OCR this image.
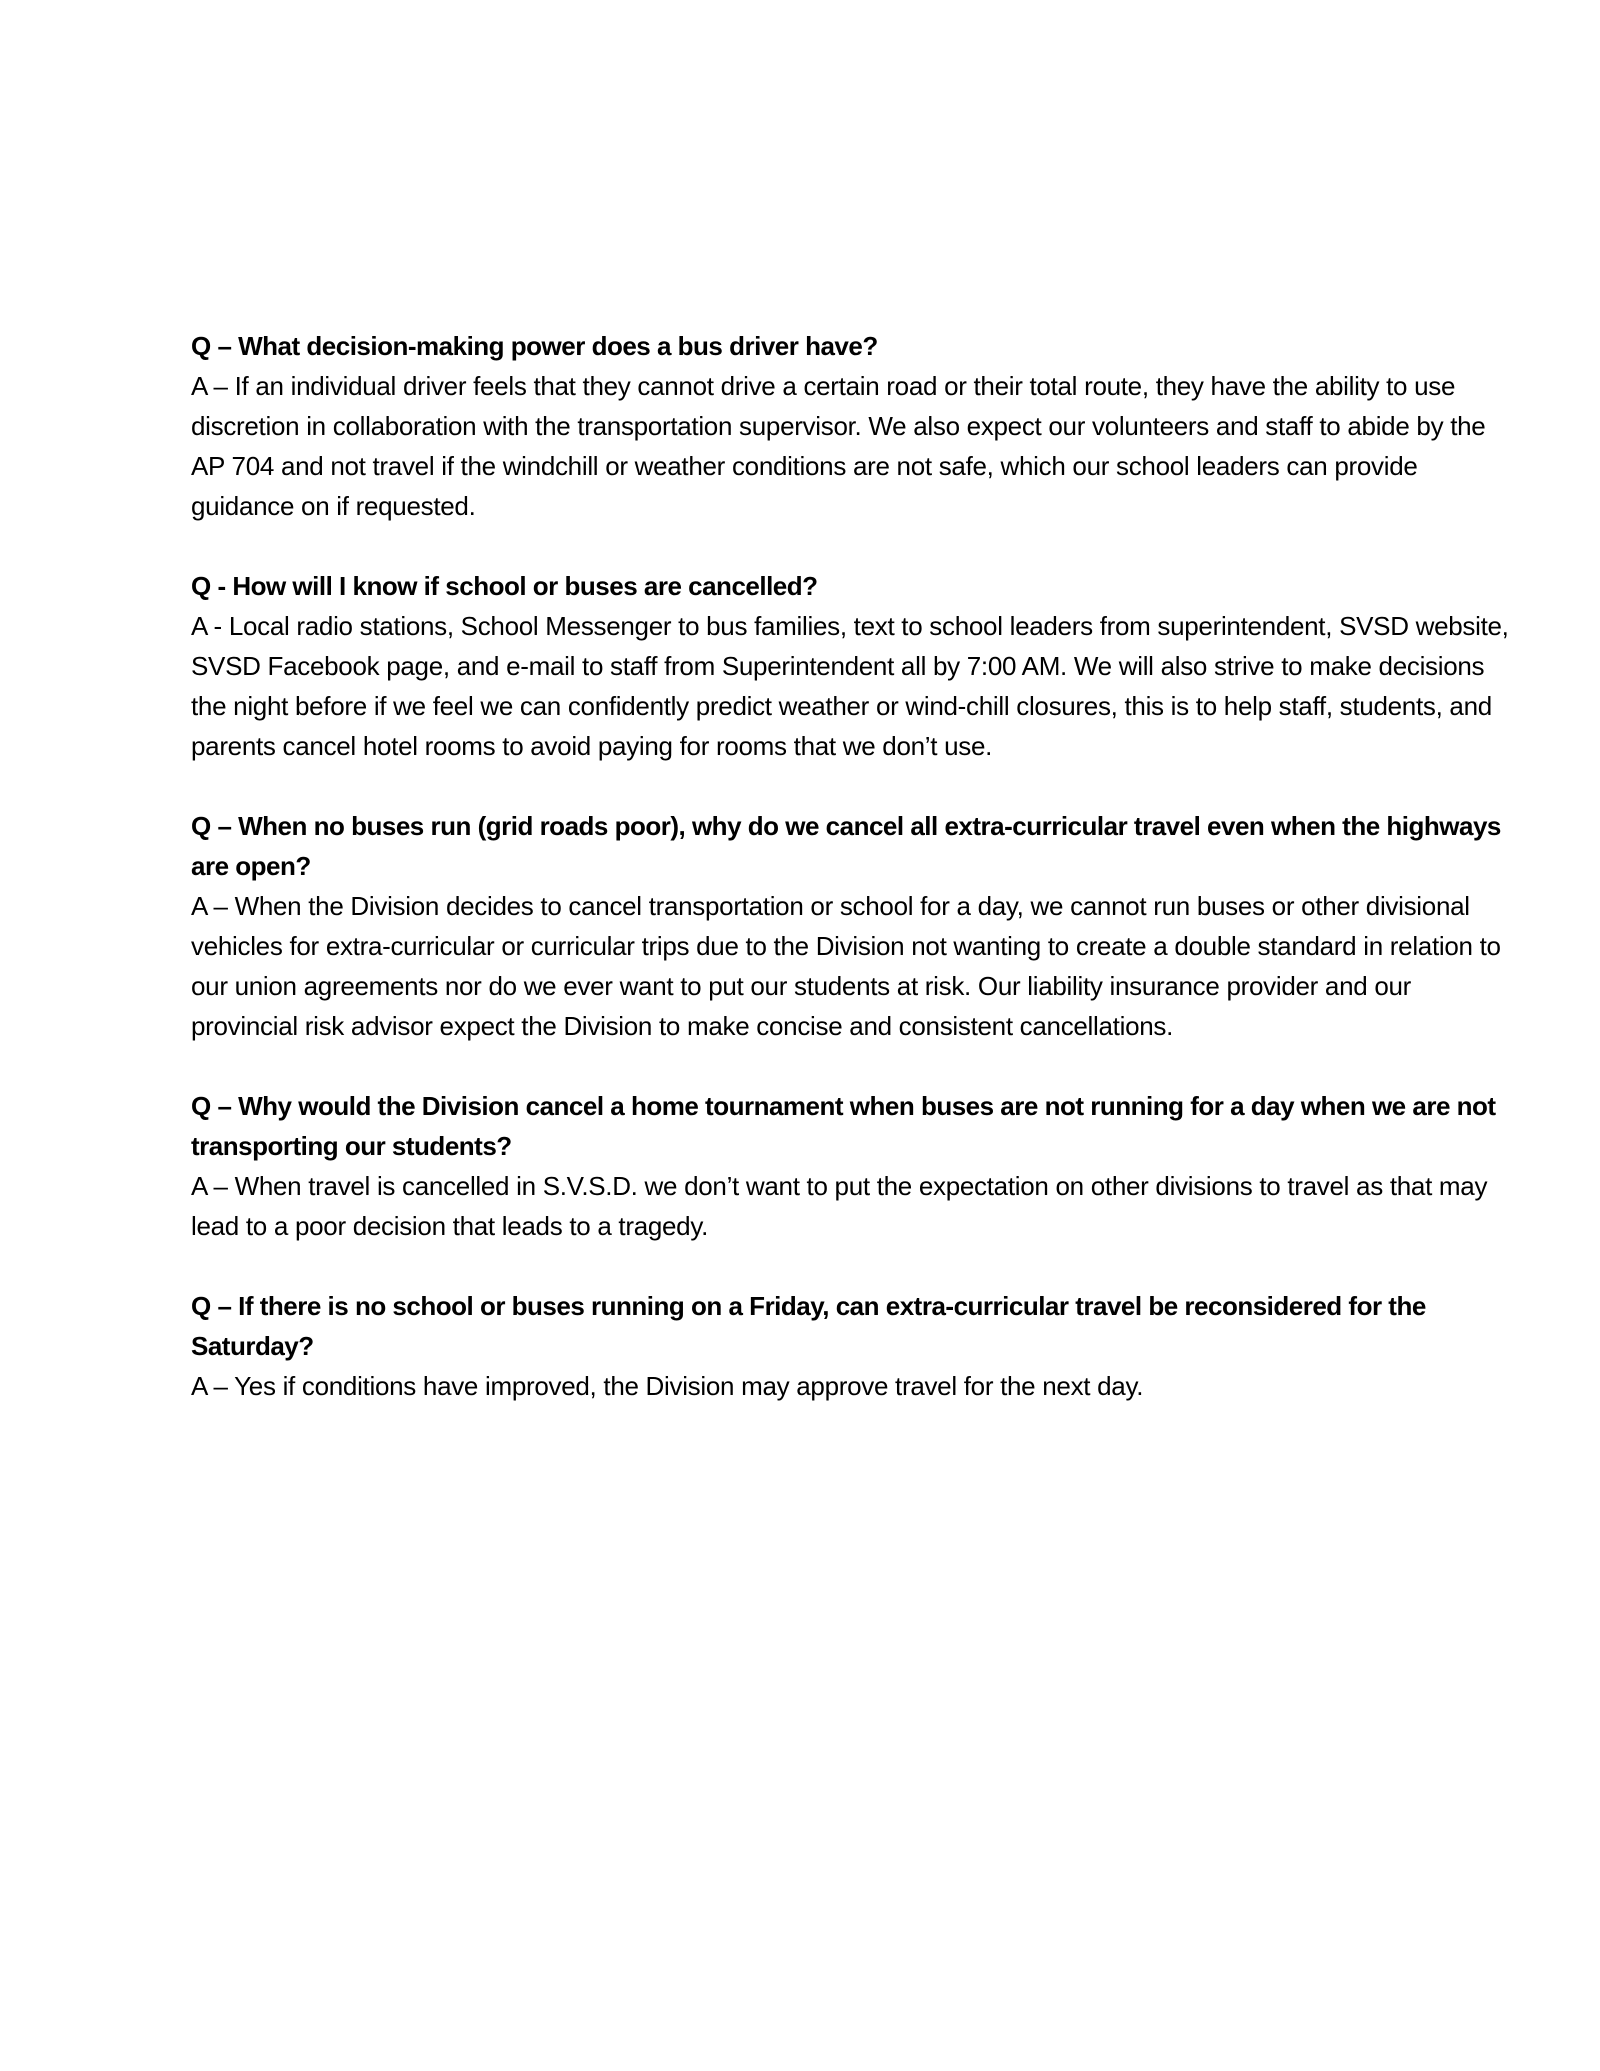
Q – What decision-making power does a bus driver have?

A – If an individual driver feels that they cannot drive a certain road or their total route, they have the ability to use discretion in collaboration with the transportation supervisor. We also expect our volunteers and staff to abide by the AP 704 and not travel if the windchill or weather conditions are not safe, which our school leaders can provide guidance on if requested.

Q - How will I know if school or buses are cancelled?

A - Local radio stations, School Messenger to bus families, text to school leaders from superintendent, SVSD website, SVSD Facebook page, and e-mail to staff from Superintendent all by 7:00 AM. We will also strive to make decisions the night before if we feel we can confidently predict weather or wind-chill closures, this is to help staff, students, and parents cancel hotel rooms to avoid paying for rooms that we don’t use.

Q – When no buses run (grid roads poor), why do we cancel all extra-curricular travel even when the highways are open?

A – When the Division decides to cancel transportation or school for a day, we cannot run buses or other divisional vehicles for extra-curricular or curricular trips due to the Division not wanting to create a double standard in relation to our union agreements nor do we ever want to put our students at risk. Our liability insurance provider and our provincial risk advisor expect the Division to make concise and consistent cancellations.

Q – Why would the Division cancel a home tournament when buses are not running for a day when we are not transporting our students?

A – When travel is cancelled in S.V.S.D. we don’t want to put the expectation on other divisions to travel as that may lead to a poor decision that leads to a tragedy.

Q – If there is no school or buses running on a Friday, can extra-curricular travel be reconsidered for the Saturday?

A – Yes if conditions have improved, the Division may approve travel for the next day.
